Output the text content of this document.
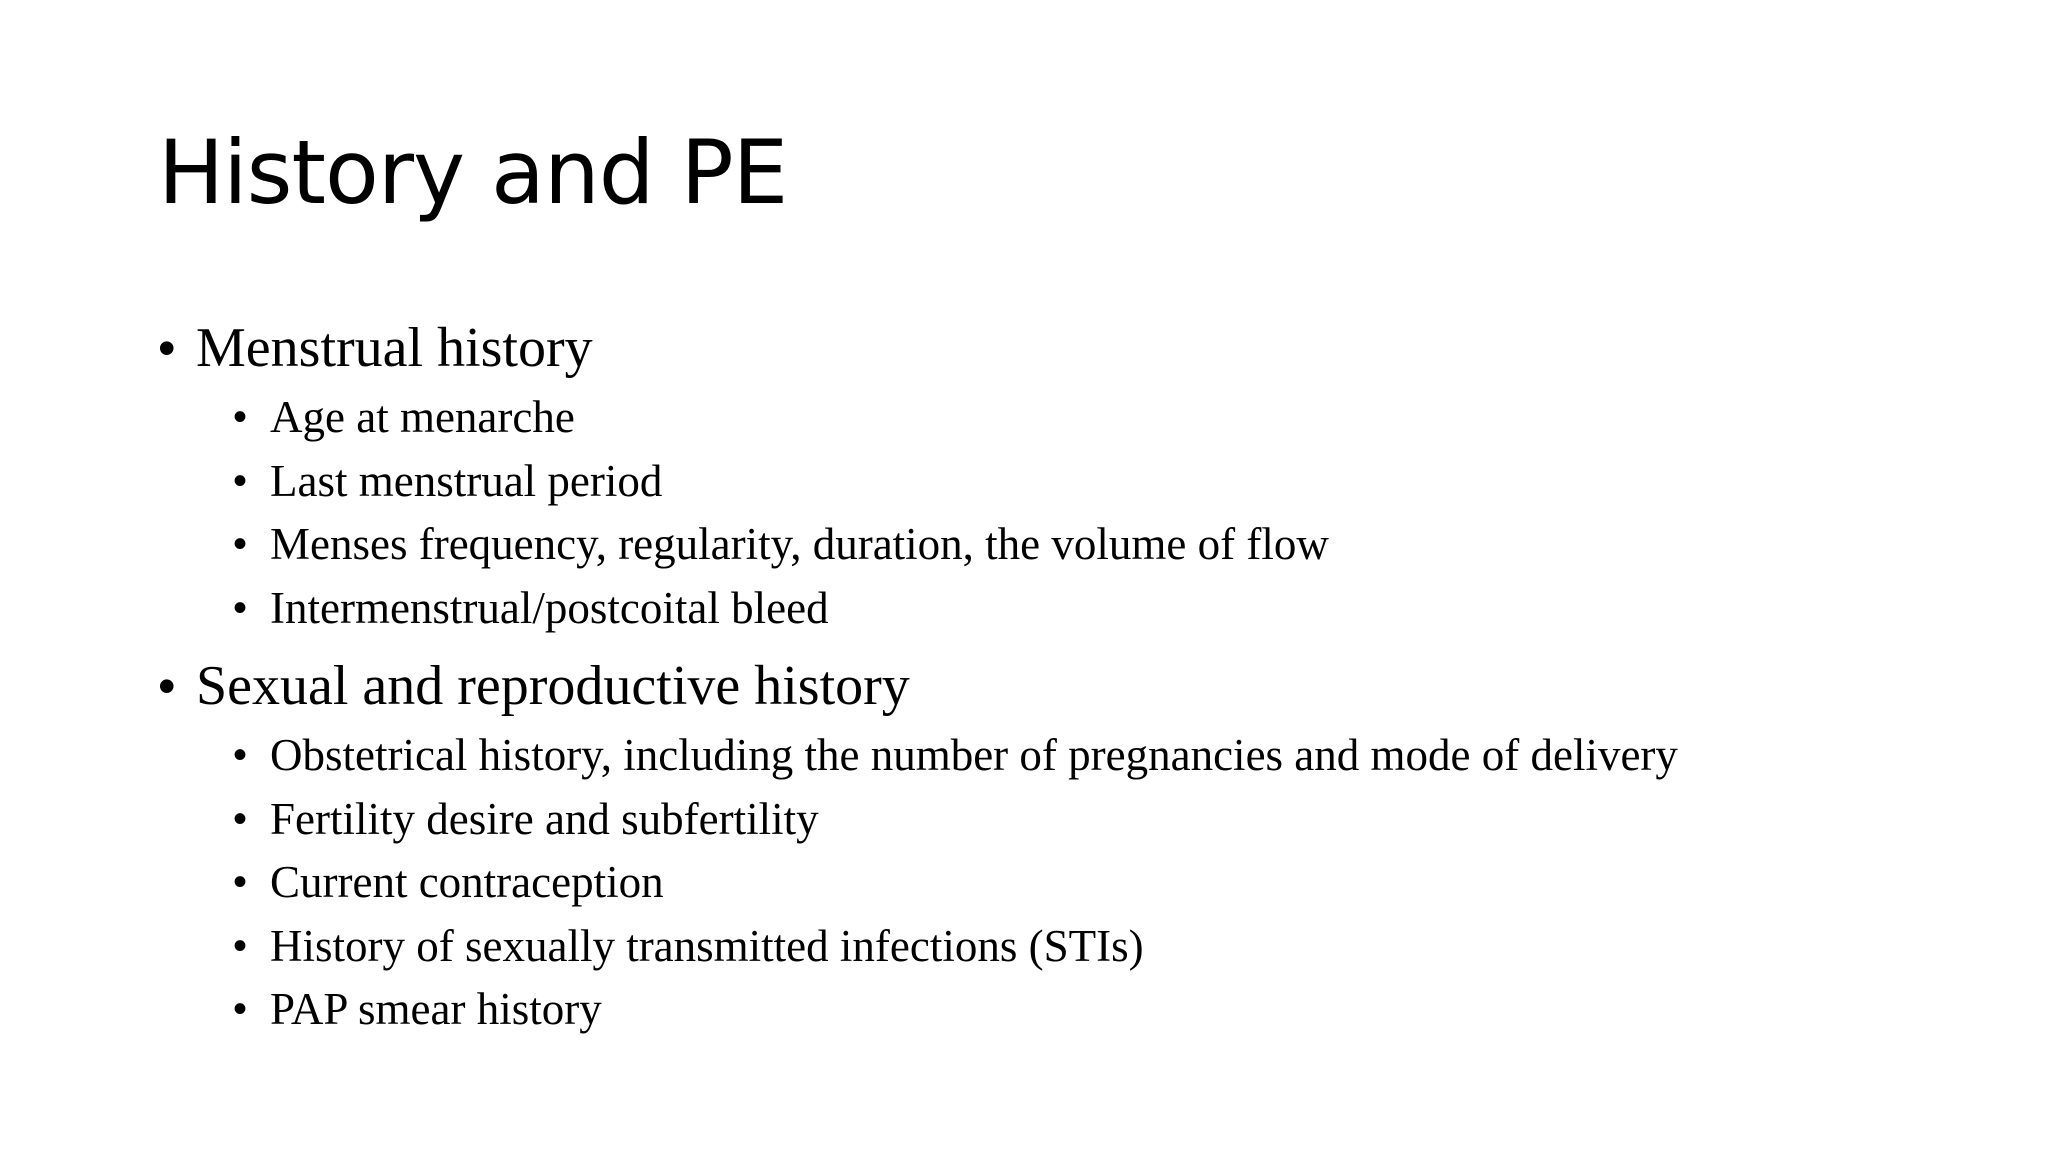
History and PE
• Menstrual history
• Age at menarche
• Last menstrual period
• Menses frequency, regularity, duration, the volume of flow
• Intermenstrual/postcoital bleed
• Sexual and reproductive history
• Obstetrical history, including the number of pregnancies and mode of delivery
• Fertility desire and subfertility
• Current contraception
• History of sexually transmitted infections (STIs)
• PAP smear history
